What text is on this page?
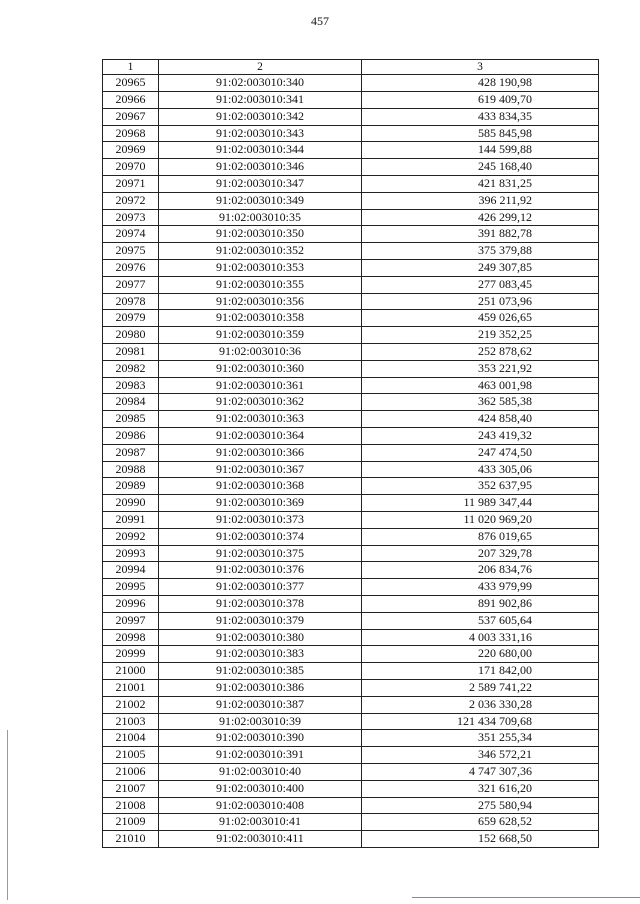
457
1	2	3
20965	91:02:003010:340	428 190,98
20966	91:02:003010:341	619 409,70
20967	91:02:003010:342	433 834,35
20968	91:02:003010:343	585 845,98
20969	91:02:003010:344	144 599,88
20970	91:02:003010:346	245 168,40
20971	91:02:003010:347	421 831,25
20972	91:02:003010:349	396 211,92
20973	91:02:003010:35	426 299,12
20974	91:02:003010:350	391 882,78
20975	91:02:003010:352	375 379,88
20976	91:02:003010:353	249 307,85
20977	91:02:003010:355	277 083,45
20978	91:02:003010:356	251 073,96
20979	91:02:003010:358	459 026,65
20980	91:02:003010:359	219 352,25
20981	91:02:003010:36	252 878,62
20982	91:02:003010:360	353 221,92
20983	91:02:003010:361	463 001,98
20984	91:02:003010:362	362 585,38
20985	91:02:003010:363	424 858,40
20986	91:02:003010:364	243 419,32
20987	91:02:003010:366	247 474,50
20988	91:02:003010:367	433 305,06
20989	91:02:003010:368	352 637,95
20990	91:02:003010:369	11 989 347,44
20991	91:02:003010:373	11 020 969,20
20992	91:02:003010:374	876 019,65
20993	91:02:003010:375	207 329,78
20994	91:02:003010:376	206 834,76
20995	91:02:003010:377	433 979,99
20996	91:02:003010:378	891 902,86
20997	91:02:003010:379	537 605,64
20998	91:02:003010:380	4 003 331,16
20999	91:02:003010:383	220 680,00
21000	91:02:003010:385	171 842,00
21001	91:02:003010:386	2 589 741,22
21002	91:02:003010:387	2 036 330,28
21003	91:02:003010:39	121 434 709,68
21004	91:02:003010:390	351 255,34
21005	91:02:003010:391	346 572,21
21006	91:02:003010:40	4 747 307,36
21007	91:02:003010:400	321 616,20
21008	91:02:003010:408	275 580,94
21009	91:02:003010:41	659 628,52
21010	91:02:003010:411	152 668,50
